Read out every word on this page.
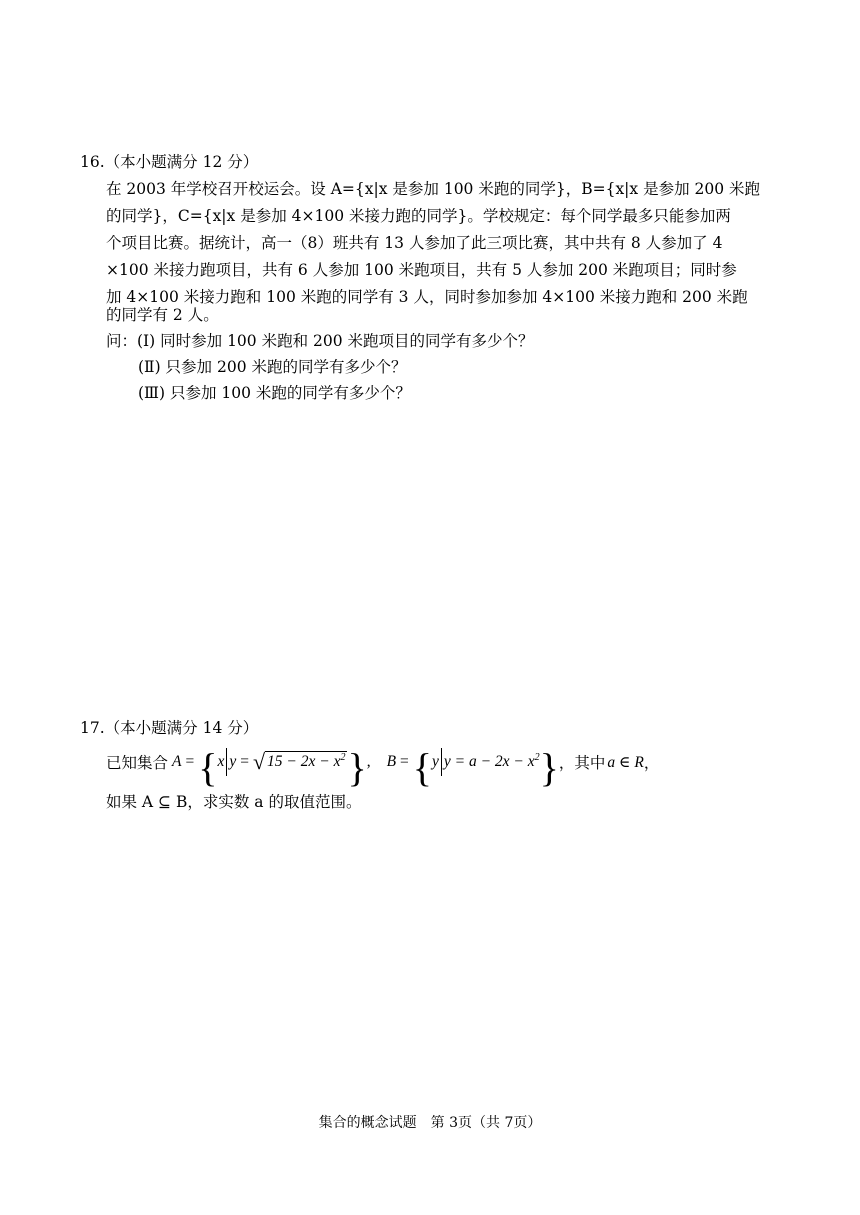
16.（本小题满分 12 分）
在 2003 年学校召开校运会。设 A={x|x 是参加 100 米跑的同学}，B={x|x 是参加 200 米跑
的同学}，C={x|x 是参加 4×100 米接力跑的同学}。学校规定：每个同学最多只能参加两
个项目比赛。据统计，高一（8）班共有 13 人参加了此三项比赛，其中共有 8 人参加了 4
×100 米接力跑项目，共有 6 人参加 100 米跑项目，共有 5 人参加 200 米跑项目；同时参
加 4×100 米接力跑和 100 米跑的同学有 3 人，同时参加参加 4×100 米接力跑和 200 米跑
的同学有 2 人。
问：(Ⅰ) 同时参加 100 米跑和 200 米跑项目的同学有多少个？
(Ⅱ) 只参加 200 米跑的同学有多少个？
(Ⅲ) 只参加 100 米跑的同学有多少个？
17.（本小题满分 14 分）
已知集合 A = { x y = √ $15 - 2x - x^2$ } , B = { y $y = a - 2x - x^2$ } ，其中 a ∈ R ，
如果 A ⊆ B，求实数 a 的取值范围。
集合的概念试题　第 3页（共 7页）
